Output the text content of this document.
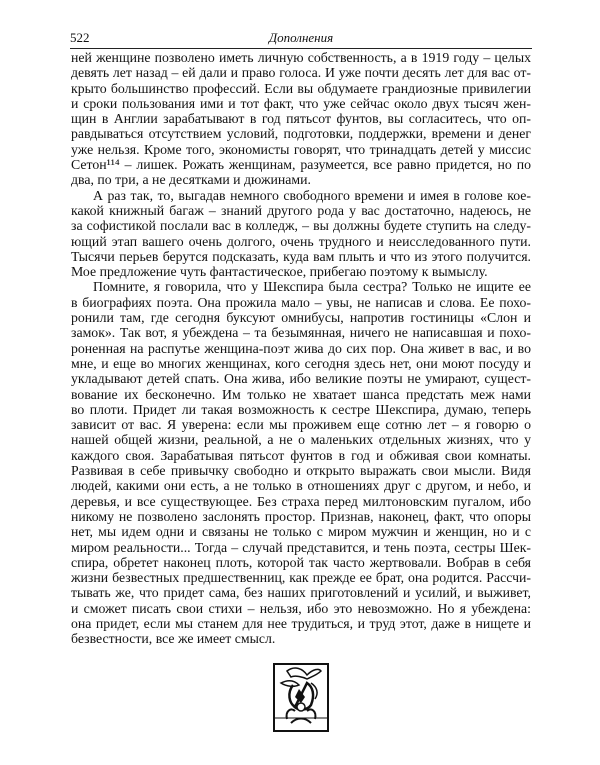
522	Дополнения
ней женщине позволено иметь личную собственность, а в 1919 году – целых
девять лет назад – ей дали и право голоса. И уже почти десять лет для вас от-
крыто большинство профессий. Если вы обдумаете грандиозные привилегии
и сроки пользования ими и тот факт, что уже сейчас около двух тысяч жен-
щин в Англии зарабатывают в год пятьсот фунтов, вы согласитесь, что оп-
равдываться отсутствием условий, подготовки, поддержки, времени и денег
уже нельзя. Кроме того, экономисты говорят, что тринадцать детей у миссис
Сетон¹¹⁴ – лишек. Рожать женщинам, разумеется, все равно придется, но по
два, по три, а не десятками и дюжинами.
А раз так, то, выгадав немного свободного времени и имея в голове кое-
какой книжный багаж – знаний другого рода у вас достаточно, надеюсь, не
за софистикой послали вас в колледж, – вы должны будете ступить на следу-
ющий этап вашего очень долгого, очень трудного и неисследованного пути.
Тысячи перьев берутся подсказать, куда вам плыть и что из этого получится.
Мое предложение чуть фантастическое, прибегаю поэтому к вымыслу.
Помните, я говорила, что у Шекспира была сестра? Только не ищите ее
в биографиях поэта. Она прожила мало – увы, не написав и слова. Ее похо-
ронили там, где сегодня буксуют омнибусы, напротив гостиницы «Слон и
замок». Так вот, я убеждена – та безымянная, ничего не написавшая и похо-
роненная на распутье женщина-поэт жива до сих пор. Она живет в вас, и во
мне, и еще во многих женщинах, кого сегодня здесь нет, они моют посуду и
укладывают детей спать. Она жива, ибо великие поэты не умирают, сущест-
вование их бесконечно. Им только не хватает шанса предстать меж нами
во плоти. Придет ли такая возможность к сестре Шекспира, думаю, теперь
зависит от вас. Я уверена: если мы проживем еще сотню лет – я говорю о
нашей общей жизни, реальной, а не о маленьких отдельных жизнях, что у
каждого своя. Зарабатывая пятьсот фунтов в год и обживая свои комнаты.
Развивая в себе привычку свободно и открыто выражать свои мысли. Видя
людей, какими они есть, а не только в отношениях друг с другом, и небо, и
деревья, и все существующее. Без страха перед милтоновским пугалом, ибо
никому не позволено заслонять простор. Признав, наконец, факт, что опоры
нет, мы идем одни и связаны не только с миром мужчин и женщин, но и с
миром реальности... Тогда – случай представится, и тень поэта, сестры Шек-
спира, обретет наконец плоть, которой так часто жертвовали. Вобрав в себя
жизни безвестных предшественниц, как прежде ее брат, она родится. Рассчи-
тывать же, что придет сама, без наших приготовлений и усилий, и выживет,
и сможет писать свои стихи – нельзя, ибо это невозможно. Но я убеждена:
она придет, если мы станем для нее трудиться, и труд этот, даже в нищете и
безвестности, все же имеет смысл.
